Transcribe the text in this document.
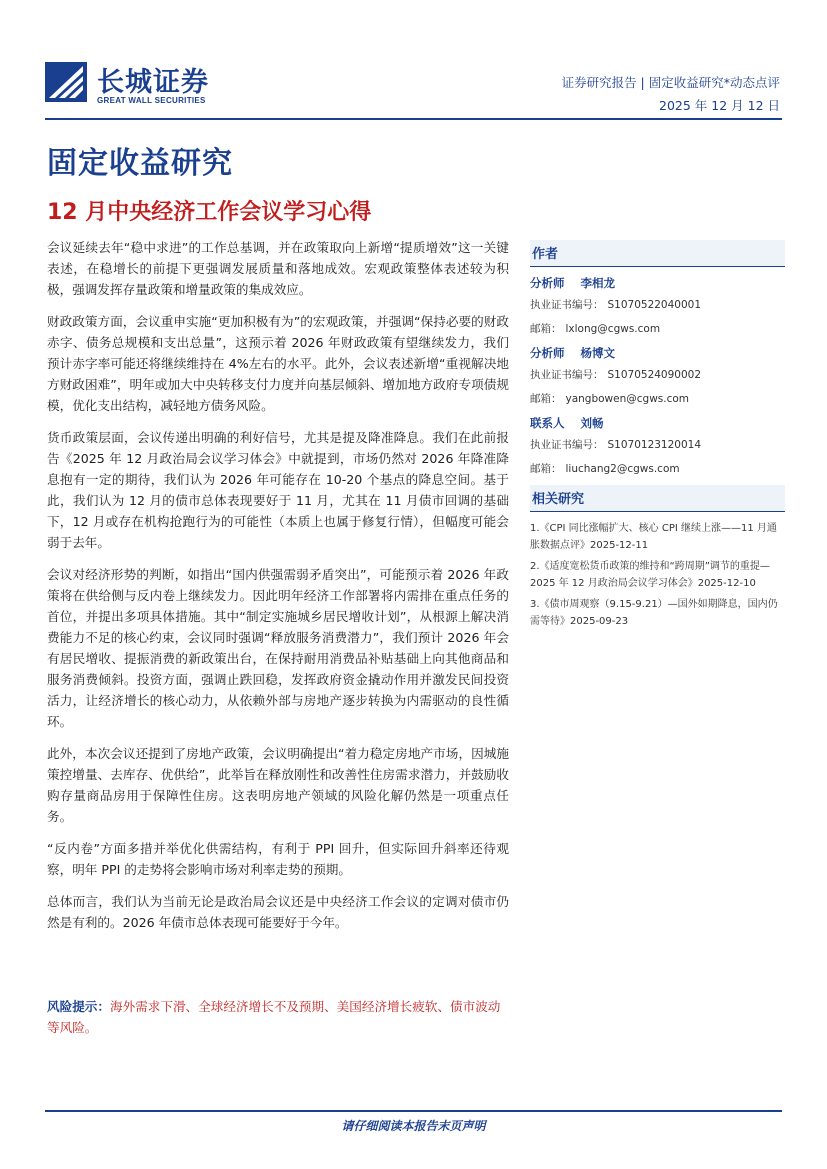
长城证券
GREAT WALL SECURITIES
证券研究报告 | 固定收益研究*动态点评
2025 年 12 月 12 日
固定收益研究
12 月中央经济工作会议学习心得

会议延续去年“稳中求进”的工作总基调，并在政策取向上新增“提质增效”这一关键表述，在稳增长的前提下更强调发展质量和落地成效。宏观政策整体表述较为积极，强调发挥存量政策和增量政策的集成效应。

财政政策方面，会议重申实施“更加积极有为”的宏观政策，并强调“保持必要的财政赤字、债务总规模和支出总量”，这预示着 2026 年财政政策有望继续发力，我们预计赤字率可能还将继续维持在 4%左右的水平。此外，会议表述新增“重视解决地方财政困难”，明年或加大中央转移支付力度并向基层倾斜、增加地方政府专项债规模，优化支出结构，减轻地方债务风险。

货币政策层面，会议传递出明确的利好信号，尤其是提及降准降息。我们在此前报告《2025 年 12 月政治局会议学习体会》中就提到，市场仍然对 2026 年降准降息抱有一定的期待，我们认为 2026 年可能存在 10-20 个基点的降息空间。基于此，我们认为 12 月的债市总体表现要好于 11 月，尤其在 11 月债市回调的基础下，12 月或存在机构抢跑行为的可能性（本质上也属于修复行情），但幅度可能会弱于去年。

会议对经济形势的判断，如指出“国内供强需弱矛盾突出”，可能预示着 2026 年政策将在供给侧与反内卷上继续发力。因此明年经济工作部署将内需排在重点任务的首位，并提出多项具体措施。其中“制定实施城乡居民增收计划”，从根源上解决消费能力不足的核心约束，会议同时强调“释放服务消费潜力”，我们预计 2026 年会有居民增收、提振消费的新政策出台，在保持耐用消费品补贴基础上向其他商品和服务消费倾斜。投资方面，强调止跌回稳，发挥政府资金撬动作用并激发民间投资活力，让经济增长的核心动力，从依赖外部与房地产逐步转换为内需驱动的良性循环。

此外，本次会议还提到了房地产政策，会议明确提出“着力稳定房地产市场，因城施策控增量、去库存、优供给”，此举旨在释放刚性和改善性住房需求潜力，并鼓励收购存量商品房用于保障性住房。这表明房地产领域的风险化解仍然是一项重点任务。

“反内卷”方面多措并举优化供需结构，有利于 PPI 回升，但实际回升斜率还待观察，明年 PPI 的走势将会影响市场对利率走势的预期。

总体而言，我们认为当前无论是政治局会议还是中央经济工作会议的定调对债市仍然是有利的。2026 年债市总体表现可能要好于今年。

风险提示：海外需求下滑、全球经济增长不及预期、美国经济增长疲软、债市波动等风险。
作者
分析师 李相龙
执业证书编号： S1070522040001
邮箱： lxlong@cgws.com
分析师 杨博文
执业证书编号： S1070524090002
邮箱： yangbowen@cgws.com
联系人 刘畅
执业证书编号： S1070123120014
邮箱： liuchang2@cgws.com
相关研究
1.《CPI 同比涨幅扩大、核心 CPI 继续上涨——11 月通胀数据点评》2025-12-11
2.《适度宽松货币政策的维持和“跨周期”调节的重提—2025 年 12 月政治局会议学习体会》2025-12-10
3.《债市周观察（9.15-9.21）—国外如期降息，国内仍需等待》2025-09-23
请仔细阅读本报告末页声明
